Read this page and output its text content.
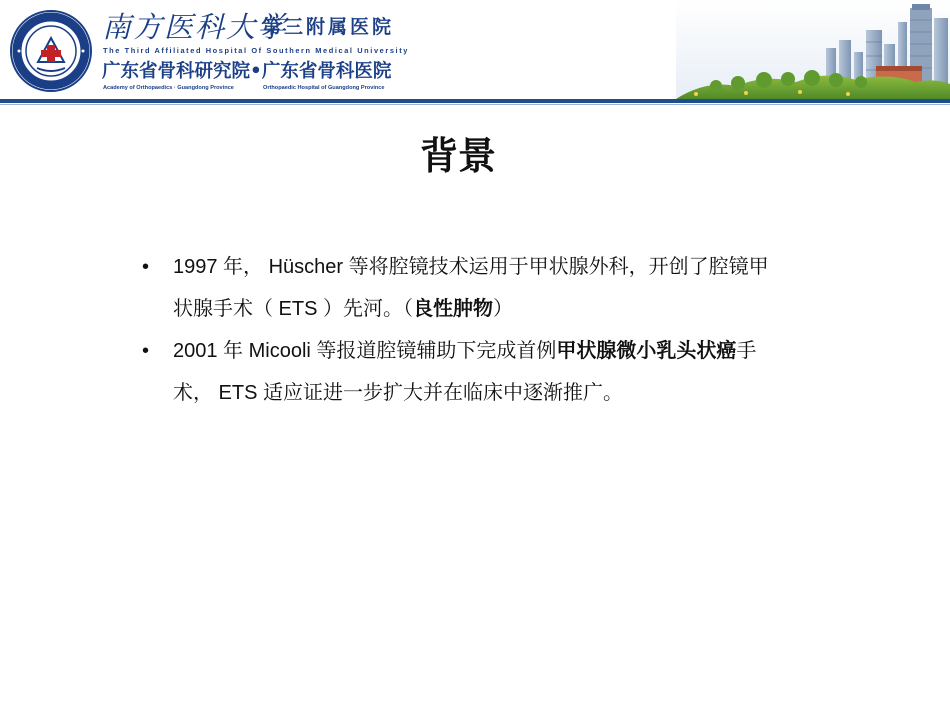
南方医科大学
第三附属医院
The Third Affiliated Hospital Of Southern Medical University
广东省骨科研究院•广东省骨科医院
Academy of Orthopaedics · Guangdong Province	Orthopaedic Hospital of Guangdong Province
背景
• 1997 年， Hüscher 等将腔镜技术运用于甲状腺外科，开创了腔镜甲状腺手术（ ETS ）先河。（良性肿物）
• 2001 年 Micooli 等报道腔镜辅助下完成首例甲状腺微小乳头状癌手术， ETS 适应证进一步扩大并在临床中逐渐推广。
